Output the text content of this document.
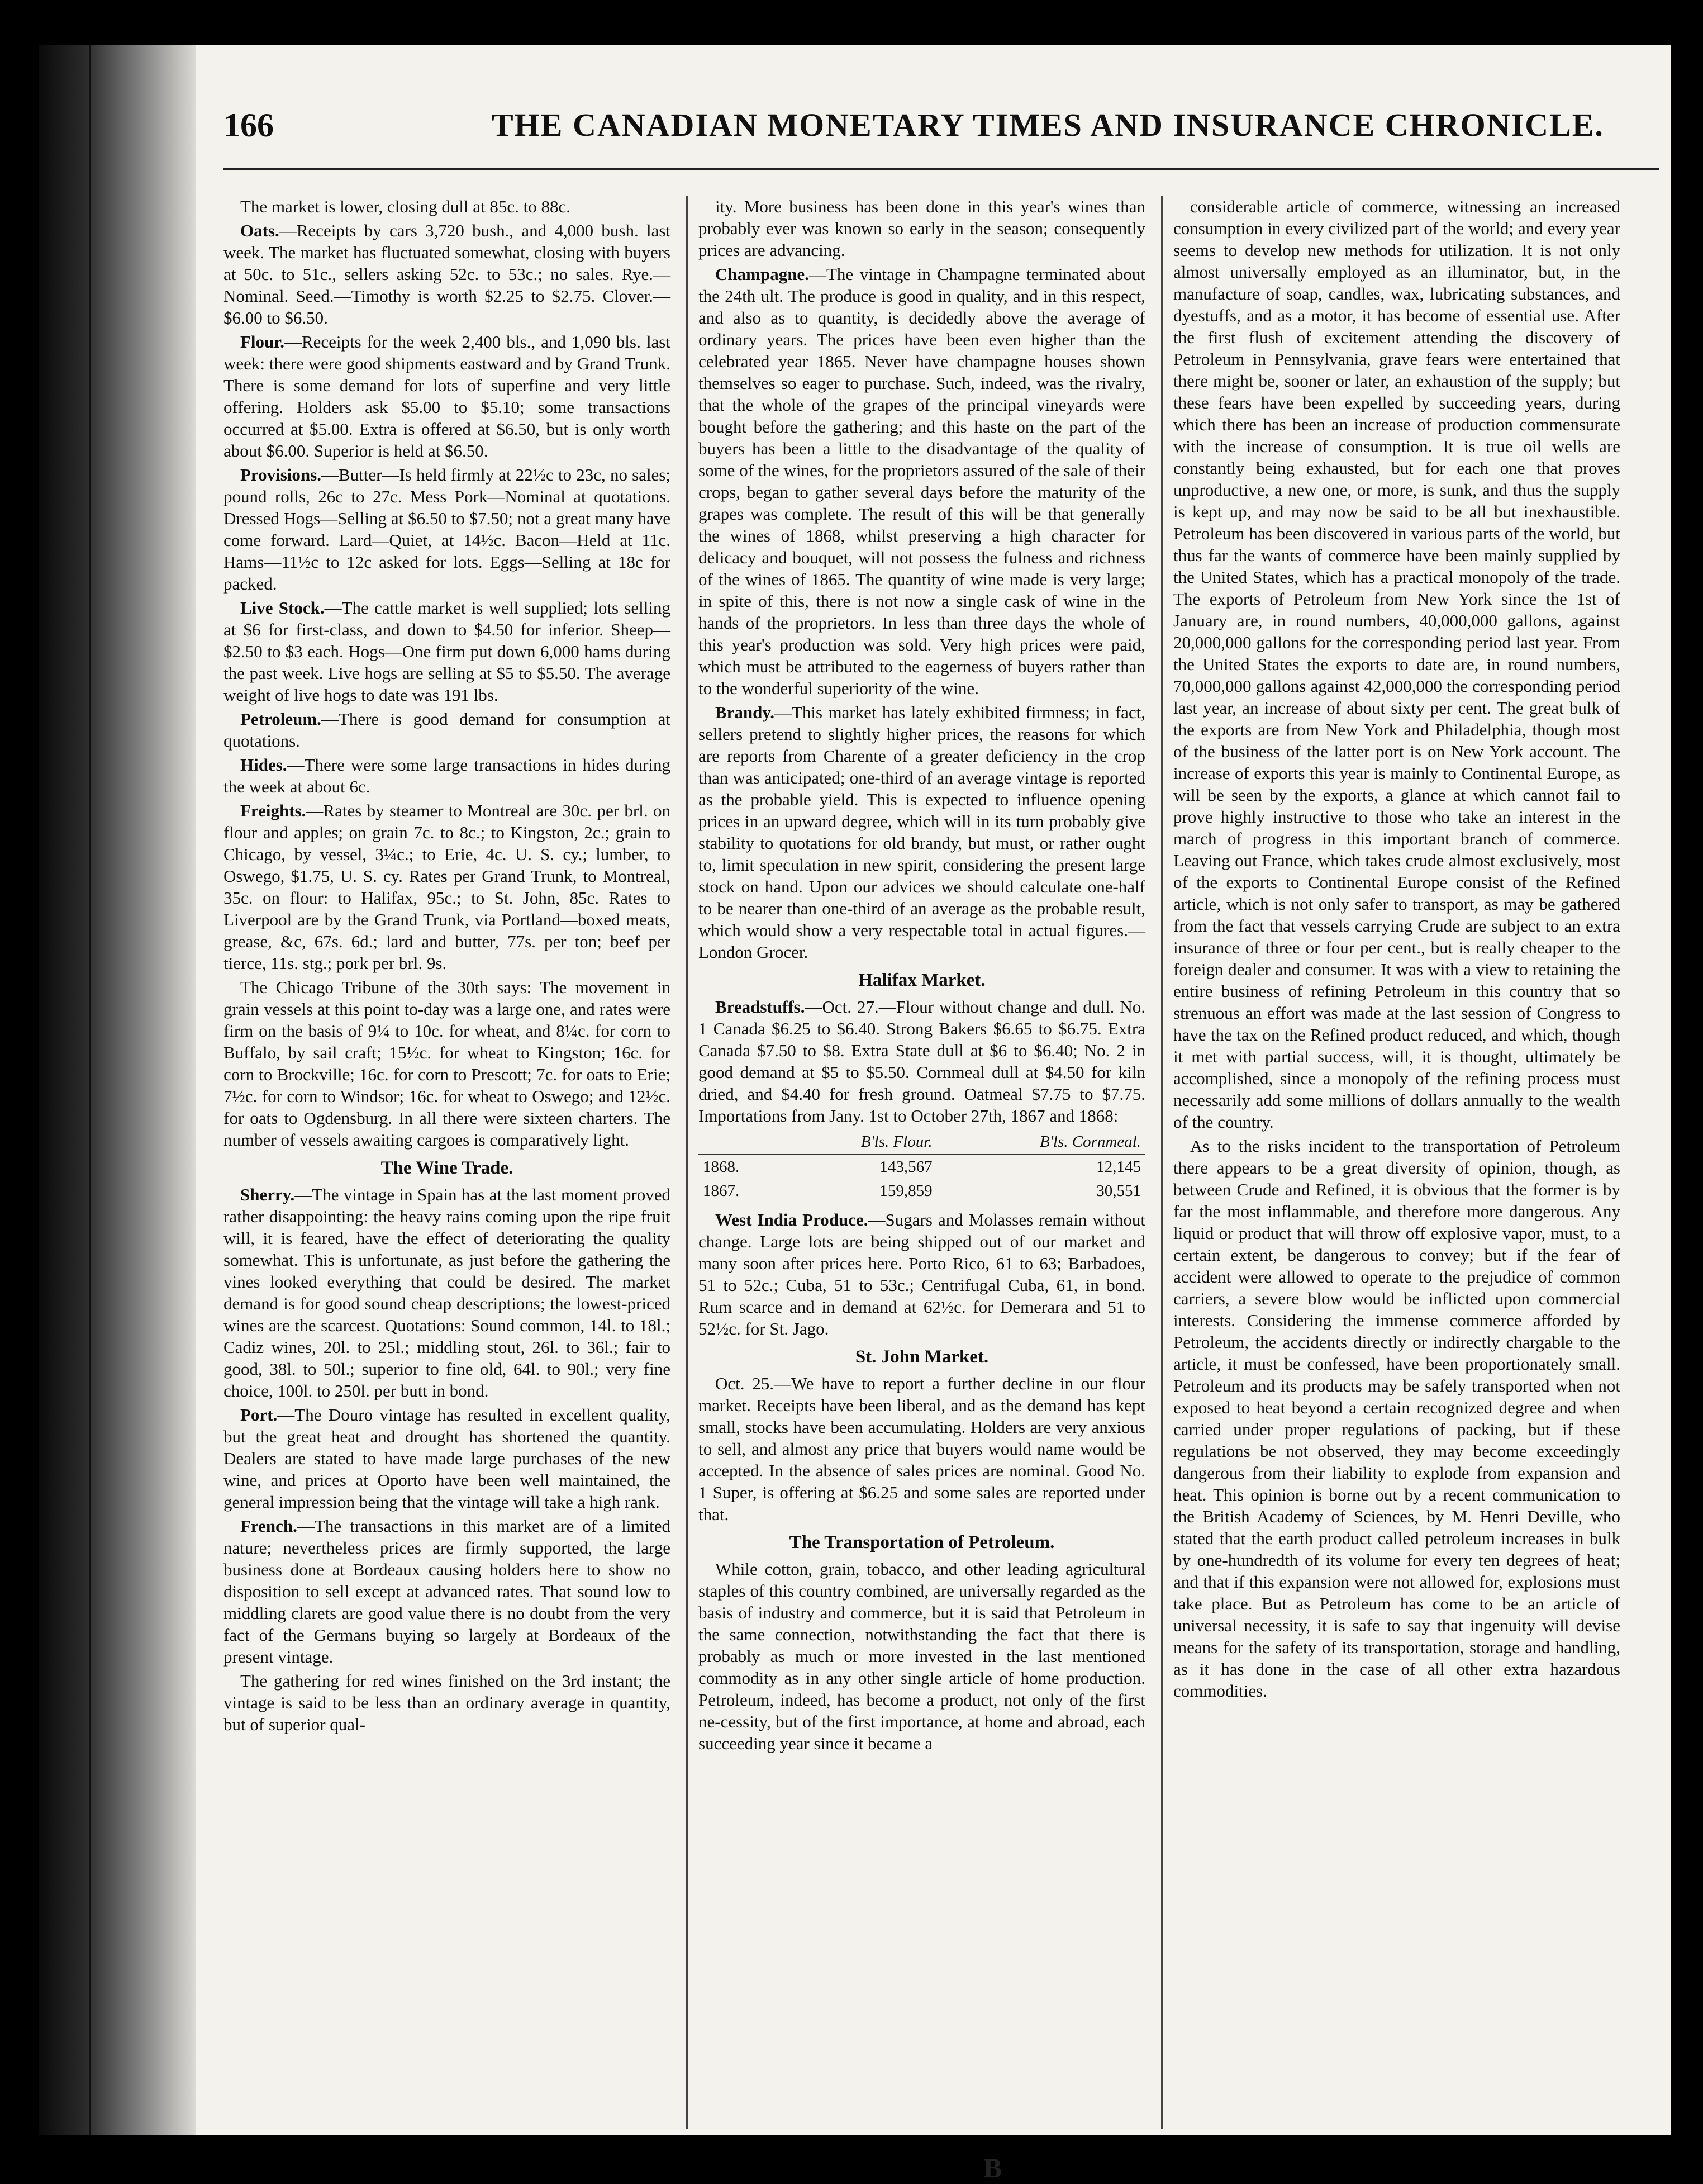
166	THE CANADIAN MONETARY TIMES AND INSURANCE CHRONICLE.

The market is lower, closing dull at 85c. to 88c.

Oats.—Receipts by cars 3,720 bush., and 4,000 bush. last week. The market has fluctuated somewhat, closing with buyers at 50c. to 51c., sellers asking 52c. to 53c.; no sales. Rye.—Nominal. Seed.—Timothy is worth $2.25 to $2.75. Clover.—$6.00 to $6.50.

Flour.—Receipts for the week 2,400 bls., and 1,090 bls. last week: there were good shipments eastward and by Grand Trunk. There is some demand for lots of superfine and very little offering. Holders ask $5.00 to $5.10; some transactions occurred at $5.00. Extra is offered at $6.50, but is only worth about $6.00. Superior is held at $6.50.

Provisions.—Butter—Is held firmly at 22½c to 23c, no sales; pound rolls, 26c to 27c. Mess Pork—Nominal at quotations. Dressed Hogs—Selling at $6.50 to $7.50; not a great many have come forward. Lard—Quiet, at 14½c. Bacon—Held at 11c. Hams—11½c to 12c asked for lots. Eggs—Selling at 18c for packed.

Live Stock.—The cattle market is well supplied; lots selling at $6 for first-class, and down to $4.50 for inferior. Sheep—$2.50 to $3 each. Hogs—One firm put down 6,000 hams during the past week. Live hogs are selling at $5 to $5.50. The average weight of live hogs to date was 191 lbs.

Petroleum.—There is good demand for consumption at quotations.

Hides.—There were some large transactions in hides during the week at about 6c.

Freights.—Rates by steamer to Montreal are 30c. per brl. on flour and apples; on grain 7c. to 8c.; to Kingston, 2c.; grain to Chicago, by vessel, 3¼c.; to Erie, 4c. U. S. cy.; lumber, to Oswego, $1.75, U. S. cy. Rates per Grand Trunk, to Montreal, 35c. on flour: to Halifax, 95c.; to St. John, 85c. Rates to Liverpool are by the Grand Trunk, via Portland—boxed meats, grease, &c, 67s. 6d.; lard and butter, 77s. per ton; beef per tierce, 11s. stg.; pork per brl. 9s.

The Chicago Tribune of the 30th says: The movement in grain vessels at this point to-day was a large one, and rates were firm on the basis of 9¼ to 10c. for wheat, and 8¼c. for corn to Buffalo, by sail craft; 15½c. for wheat to Kingston; 16c. for corn to Brockville; 16c. for corn to Prescott; 7c. for oats to Erie; 7½c. for corn to Windsor; 16c. for wheat to Oswego; and 12½c. for oats to Ogdensburg. In all there were sixteen charters. The number of vessels awaiting cargoes is comparatively light.

The Wine Trade.

Sherry.—The vintage in Spain has at the last moment proved rather disappointing: the heavy rains coming upon the ripe fruit will, it is feared, have the effect of deteriorating the quality somewhat. This is unfortunate, as just before the gathering the vines looked everything that could be desired. The market demand is for good sound cheap descriptions; the lowest-priced wines are the scarcest. Quotations: Sound common, 14l. to 18l.; Cadiz wines, 20l. to 25l.; middling stout, 26l. to 36l.; fair to good, 38l. to 50l.; superior to fine old, 64l. to 90l.; very fine choice, 100l. to 250l. per butt in bond.

Port.—The Douro vintage has resulted in excellent quality, but the great heat and drought has shortened the quantity. Dealers are stated to have made large purchases of the new wine, and prices at Oporto have been well maintained, the general impression being that the vintage will take a high rank.

French.—The transactions in this market are of a limited nature; nevertheless prices are firmly supported, the large business done at Bordeaux causing holders here to show no disposition to sell except at advanced rates. That sound low to middling clarets are good value there is no doubt from the very fact of the Germans buying so largely at Bordeaux of the present vintage.

The gathering for red wines finished on the 3rd instant; the vintage is said to be less than an ordinary average in quantity, but of superior qual-

ity. More business has been done in this year's wines than probably ever was known so early in the season; consequently prices are advancing.

Champagne.—The vintage in Champagne terminated about the 24th ult. The produce is good in quality, and in this respect, and also as to quantity, is decidedly above the average of ordinary years. The prices have been even higher than the celebrated year 1865. Never have champagne houses shown themselves so eager to purchase. Such, indeed, was the rivalry, that the whole of the grapes of the principal vineyards were bought before the gathering; and this haste on the part of the buyers has been a little to the disadvantage of the quality of some of the wines, for the proprietors assured of the sale of their crops, began to gather several days before the maturity of the grapes was complete. The result of this will be that generally the wines of 1868, whilst preserving a high character for delicacy and bouquet, will not possess the fulness and richness of the wines of 1865. The quantity of wine made is very large; in spite of this, there is not now a single cask of wine in the hands of the proprietors. In less than three days the whole of this year's production was sold. Very high prices were paid, which must be attributed to the eagerness of buyers rather than to the wonderful superiority of the wine.

Brandy.—This market has lately exhibited firmness; in fact, sellers pretend to slightly higher prices, the reasons for which are reports from Charente of a greater deficiency in the crop than was anticipated; one-third of an average vintage is reported as the probable yield. This is expected to influence opening prices in an upward degree, which will in its turn probably give stability to quotations for old brandy, but must, or rather ought to, limit speculation in new spirit, considering the present large stock on hand. Upon our advices we should calculate one-half to be nearer than one-third of an average as the probable result, which would show a very respectable total in actual figures.—London Grocer.

Halifax Market.

Breadstuffs.—Oct. 27.—Flour without change and dull. No. 1 Canada $6.25 to $6.40. Strong Bakers $6.65 to $6.75. Extra Canada $7.50 to $8. Extra State dull at $6 to $6.40; No. 2 in good demand at $5 to $5.50. Cornmeal dull at $4.50 for kiln dried, and $4.40 for fresh ground. Oatmeal $7.75 to $7.75. Importations from Jany. 1st to October 27th, 1867 and 1868:

	B'ls. Flour.	B'ls. Cornmeal.
1868.	143,567	12,145
1867.	159,859	30,551

West India Produce.—Sugars and Molasses remain without change. Large lots are being shipped out of our market and many soon after prices here. Porto Rico, 61 to 63; Barbadoes, 51 to 52c.; Cuba, 51 to 53c.; Centrifugal Cuba, 61, in bond. Rum scarce and in demand at 62½c. for Demerara and 51 to 52½c. for St. Jago.

St. John Market.

Oct. 25.—We have to report a further decline in our flour market. Receipts have been liberal, and as the demand has kept small, stocks have been accumulating. Holders are very anxious to sell, and almost any price that buyers would name would be accepted. In the absence of sales prices are nominal. Good No. 1 Super, is offering at $6.25 and some sales are reported under that.

The Transportation of Petroleum.

While cotton, grain, tobacco, and other leading agricultural staples of this country combined, are universally regarded as the basis of industry and commerce, but it is said that Petroleum in the same connection, notwithstanding the fact that there is probably as much or more invested in the last mentioned commodity as in any other single article of home production. Petroleum, indeed, has become a product, not only of the first ne-cessity, but of the first importance, at home and abroad, each succeeding year since it became a

considerable article of commerce, witnessing an increased consumption in every civilized part of the world; and every year seems to develop new methods for utilization. It is not only almost universally employed as an illuminator, but, in the manufacture of soap, candles, wax, lubricating substances, and dyestuffs, and as a motor, it has become of essential use. After the first flush of excitement attending the discovery of Petroleum in Pennsylvania, grave fears were entertained that there might be, sooner or later, an exhaustion of the supply; but these fears have been expelled by succeeding years, during which there has been an increase of production commensurate with the increase of consumption. It is true oil wells are constantly being exhausted, but for each one that proves unproductive, a new one, or more, is sunk, and thus the supply is kept up, and may now be said to be all but inexhaustible. Petroleum has been discovered in various parts of the world, but thus far the wants of commerce have been mainly supplied by the United States, which has a practical monopoly of the trade. The exports of Petroleum from New York since the 1st of January are, in round numbers, 40,000,000 gallons, against 20,000,000 gallons for the corresponding period last year. From the United States the exports to date are, in round numbers, 70,000,000 gallons against 42,000,000 the corresponding period last year, an increase of about sixty per cent. The great bulk of the exports are from New York and Philadelphia, though most of the business of the latter port is on New York account. The increase of exports this year is mainly to Continental Europe, as will be seen by the exports, a glance at which cannot fail to prove highly instructive to those who take an interest in the march of progress in this important branch of commerce. Leaving out France, which takes crude almost exclusively, most of the exports to Continental Europe consist of the Refined article, which is not only safer to transport, as may be gathered from the fact that vessels carrying Crude are subject to an extra insurance of three or four per cent., but is really cheaper to the foreign dealer and consumer. It was with a view to retaining the entire business of refining Petroleum in this country that so strenuous an effort was made at the last session of Congress to have the tax on the Refined product reduced, and which, though it met with partial success, will, it is thought, ultimately be accomplished, since a monopoly of the refining process must necessarily add some millions of dollars annually to the wealth of the country.

As to the risks incident to the transportation of Petroleum there appears to be a great diversity of opinion, though, as between Crude and Refined, it is obvious that the former is by far the most inflammable, and therefore more dangerous. Any liquid or product that will throw off explosive vapor, must, to a certain extent, be dangerous to convey; but if the fear of accident were allowed to operate to the prejudice of common carriers, a severe blow would be inflicted upon commercial interests. Considering the immense commerce afforded by Petroleum, the accidents directly or indirectly chargable to the article, it must be confessed, have been proportionately small. Petroleum and its products may be safely transported when not exposed to heat beyond a certain recognized degree and when carried under proper regulations of packing, but if these regulations be not observed, they may become exceedingly dangerous from their liability to explode from expansion and heat. This opinion is borne out by a recent communication to the British Academy of Sciences, by M. Henri Deville, who stated that the earth product called petroleum increases in bulk by one-hundredth of its volume for every ten degrees of heat; and that if this expansion were not allowed for, explosions must take place. But as Petroleum has come to be an article of universal necessity, it is safe to say that ingenuity will devise means for the safety of its transportation, storage and handling, as it has done in the case of all other extra hazardous commodities.

B
